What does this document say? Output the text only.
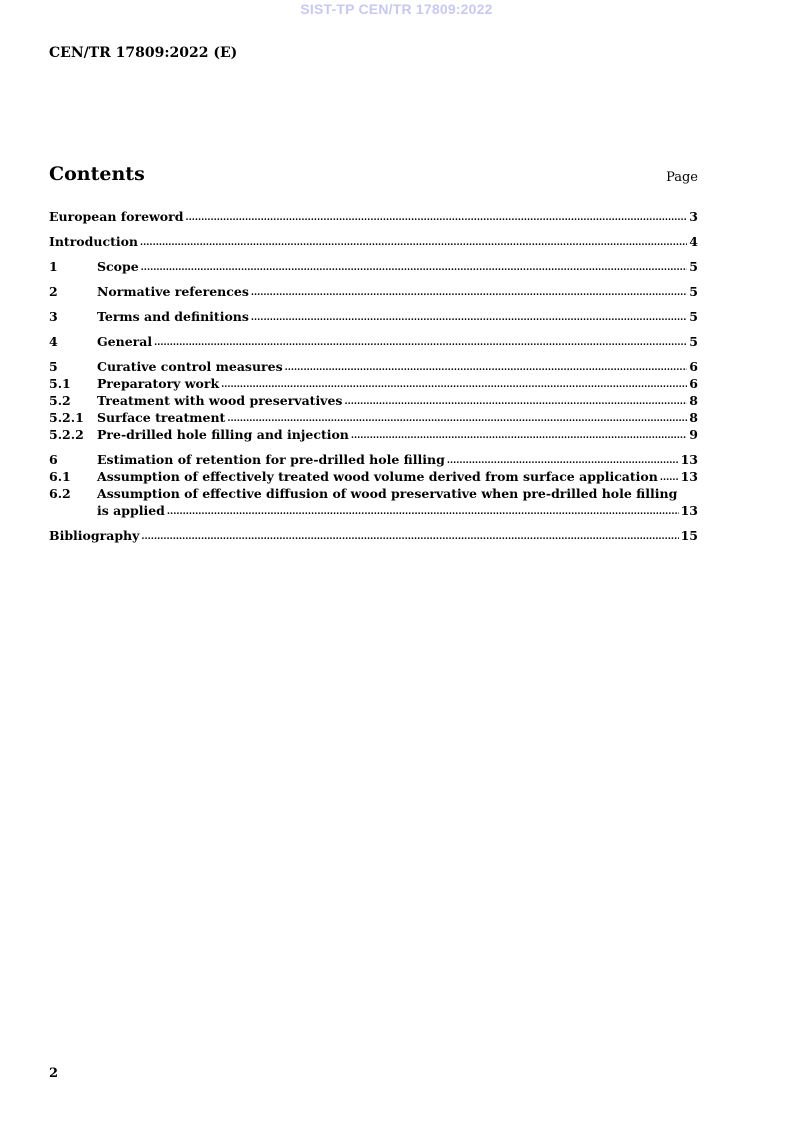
SIST-TP CEN/TR 17809:2022
CEN/TR 17809:2022 (E)
Contents	Page
European foreword .....	3
Introduction .....	4
1	Scope .....	5
2	Normative references .....	5
3	Terms and definitions .....	5
4	General .....	5
5	Curative control measures .....	6
5.1	Preparatory work .....	6
5.2	Treatment with wood preservatives .....	8
5.2.1	Surface treatment .....	8
5.2.2	Pre-drilled hole filling and injection .....	9
6	Estimation of retention for pre-drilled hole filling .....	13
6.1	Assumption of effectively treated wood volume derived from surface application ..... 13
6.2	Assumption of effective diffusion of wood preservative when pre-drilled hole filling
is applied .....	13
Bibliography .....	15
2
